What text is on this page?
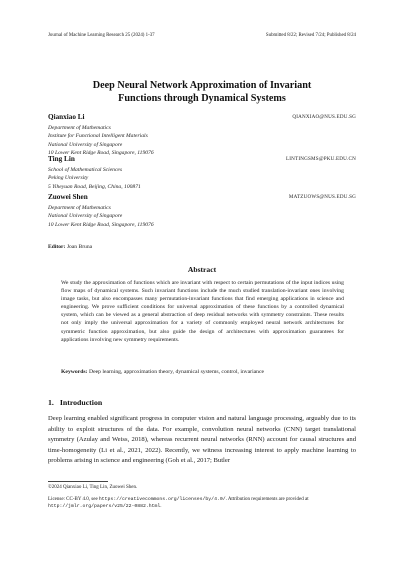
Journal of Machine Learning Research 25 (2024) 1-37	Submitted 8/22; Revised 7/24; Published 8/24
Deep Neural Network Approximation of Invariant
Functions through Dynamical Systems
Qianxiao Li	QIANXIAO@NUS.EDU.SG
Department of Mathematics
Institute for Functional Intelligent Materials
National University of Singapore
10 Lower Kent Ridge Road, Singapore, 119076
Ting Lin	LINTINGSMS@PKU.EDU.CN
School of Mathematical Sciences
Peking University
5 Yiheyuan Road, Beijing, China, 100871
Zuowei Shen	MATZUOWS@NUS.EDU.SG
Department of Mathematics
National University of Singapore
10 Lower Kent Ridge Road, Singapore, 119076
Editor: Joan Bruna
Abstract
We study the approximation of functions which are invariant with respect to certain permutations of the input indices using flow maps of dynamical systems. Such invariant functions include the much studied translation-invariant ones involving image tasks, but also encompasses many permutation-invariant functions that find emerging applications in science and engineering. We prove sufficient conditions for universal approximation of these functions by a controlled dynamical system, which can be viewed as a general abstraction of deep residual networks with symmetry constraints. These results not only imply the universal approximation for a variety of commonly employed neural network architectures for symmetric function approximation, but also guide the design of architectures with approximation guarantees for applications involving new symmetry requirements.
Keywords: Deep learning, approximation theory, dynamical systems, control, invariance
1. Introduction
Deep learning enabled significant progress in computer vision and natural language processing, arguably due to its ability to exploit structures of the data. For example, convolution neural networks (CNN) target translational symmetry (Azulay and Weiss, 2018), whereas recurrent neural networks (RNN) account for causal structures and time-homogeneity (Li et al., 2021, 2022). Recently, we witness increasing interest to apply machine learning to problems arising in science and engineering (Goh et al., 2017; Butler
©2024 Qianxiao Li, Ting Lin, Zuowei Shen.
License: CC-BY 4.0, see https://creativecommons.org/licenses/by/4.0/. Attribution requirements are provided at http://jmlr.org/papers/v25/22-0882.html.
